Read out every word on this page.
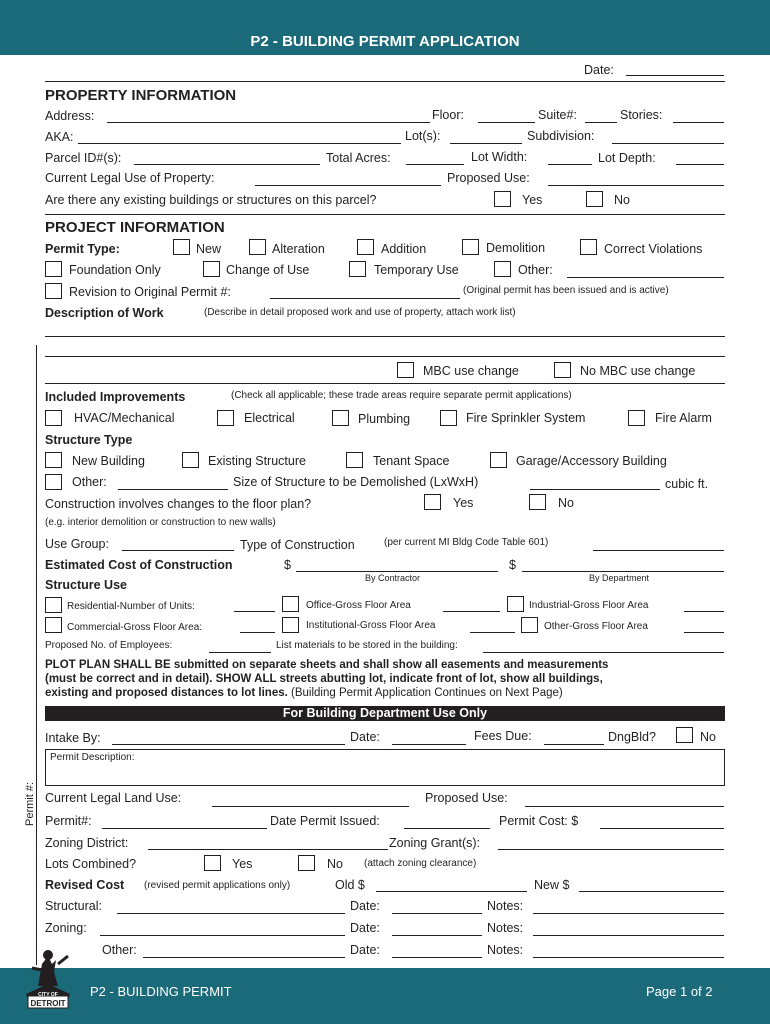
P2 - BUILDING PERMIT APPLICATION
Date:
PROPERTY INFORMATION
Address:	Floor:	Suite#:	Stories:
AKA:	Lot(s):	Subdivision:
Parcel ID#(s):	Total Acres:	Lot Width:	Lot Depth:
Current Legal Use of Property:	Proposed Use:
Are there any existing buildings or structures on this parcel?	Yes	No
PROJECT INFORMATION
Permit Type:	New	Alteration	Addition	Demolition	Correct Violations
Foundation Only	Change of Use	Temporary Use	Other:
Revision to Original Permit #:	(Original permit has been issued and is active)
Description of Work	(Describe in detail proposed work and use of property, attach work list)
MBC use change	No MBC use change
Included Improvements	(Check all applicable; these trade areas require separate permit applications)
HVAC/Mechanical	Electrical	Plumbing	Fire Sprinkler System	Fire Alarm
Structure Type
New Building	Existing Structure	Tenant Space	Garage/Accessory Building
Other:	Size of Structure to be Demolished (LxWxH)	cubic ft.
Construction involves changes to the floor plan?	Yes	No
(e.g. interior demolition or construction to new walls)
Use Group:	Type of Construction	(per current MI Bldg Code Table 601)
Estimated Cost of Construction	$
By Contractor
$
By Department
Structure Use
Residential-Number of Units:	Office-Gross Floor Area	Industrial-Gross Floor Area
Commercial-Gross Floor Area:	Institutional-Gross Floor Area	Other-Gross Floor Area
Proposed No. of Employees:	List materials to be stored in the building:
PLOT PLAN SHALL BE submitted on separate sheets and shall show all easements and measurements
(must be correct and in detail). SHOW ALL streets abutting lot, indicate front of lot, show all buildings,
existing and proposed distances to lot lines. (Building Permit Application Continues on Next Page)
For Building Department Use Only
Intake By:	Date:	Fees Due:	DngBld?	No
Permit Description:
Current Legal Land Use:	Proposed Use:
Permit#:	Date Permit Issued:	Permit Cost: $
Zoning District:	Zoning Grant(s):
Lots Combined?	Yes	No (attach zoning clearance)
Revised Cost (revised permit applications only)	Old $	New $
Structural:	Date:	Notes:
Zoning:	Date:	Notes:
Other:	Date:	Notes:
Permit #:
CITY OF
DETROIT
P2 - BUILDING PERMIT	Page 1 of 2
